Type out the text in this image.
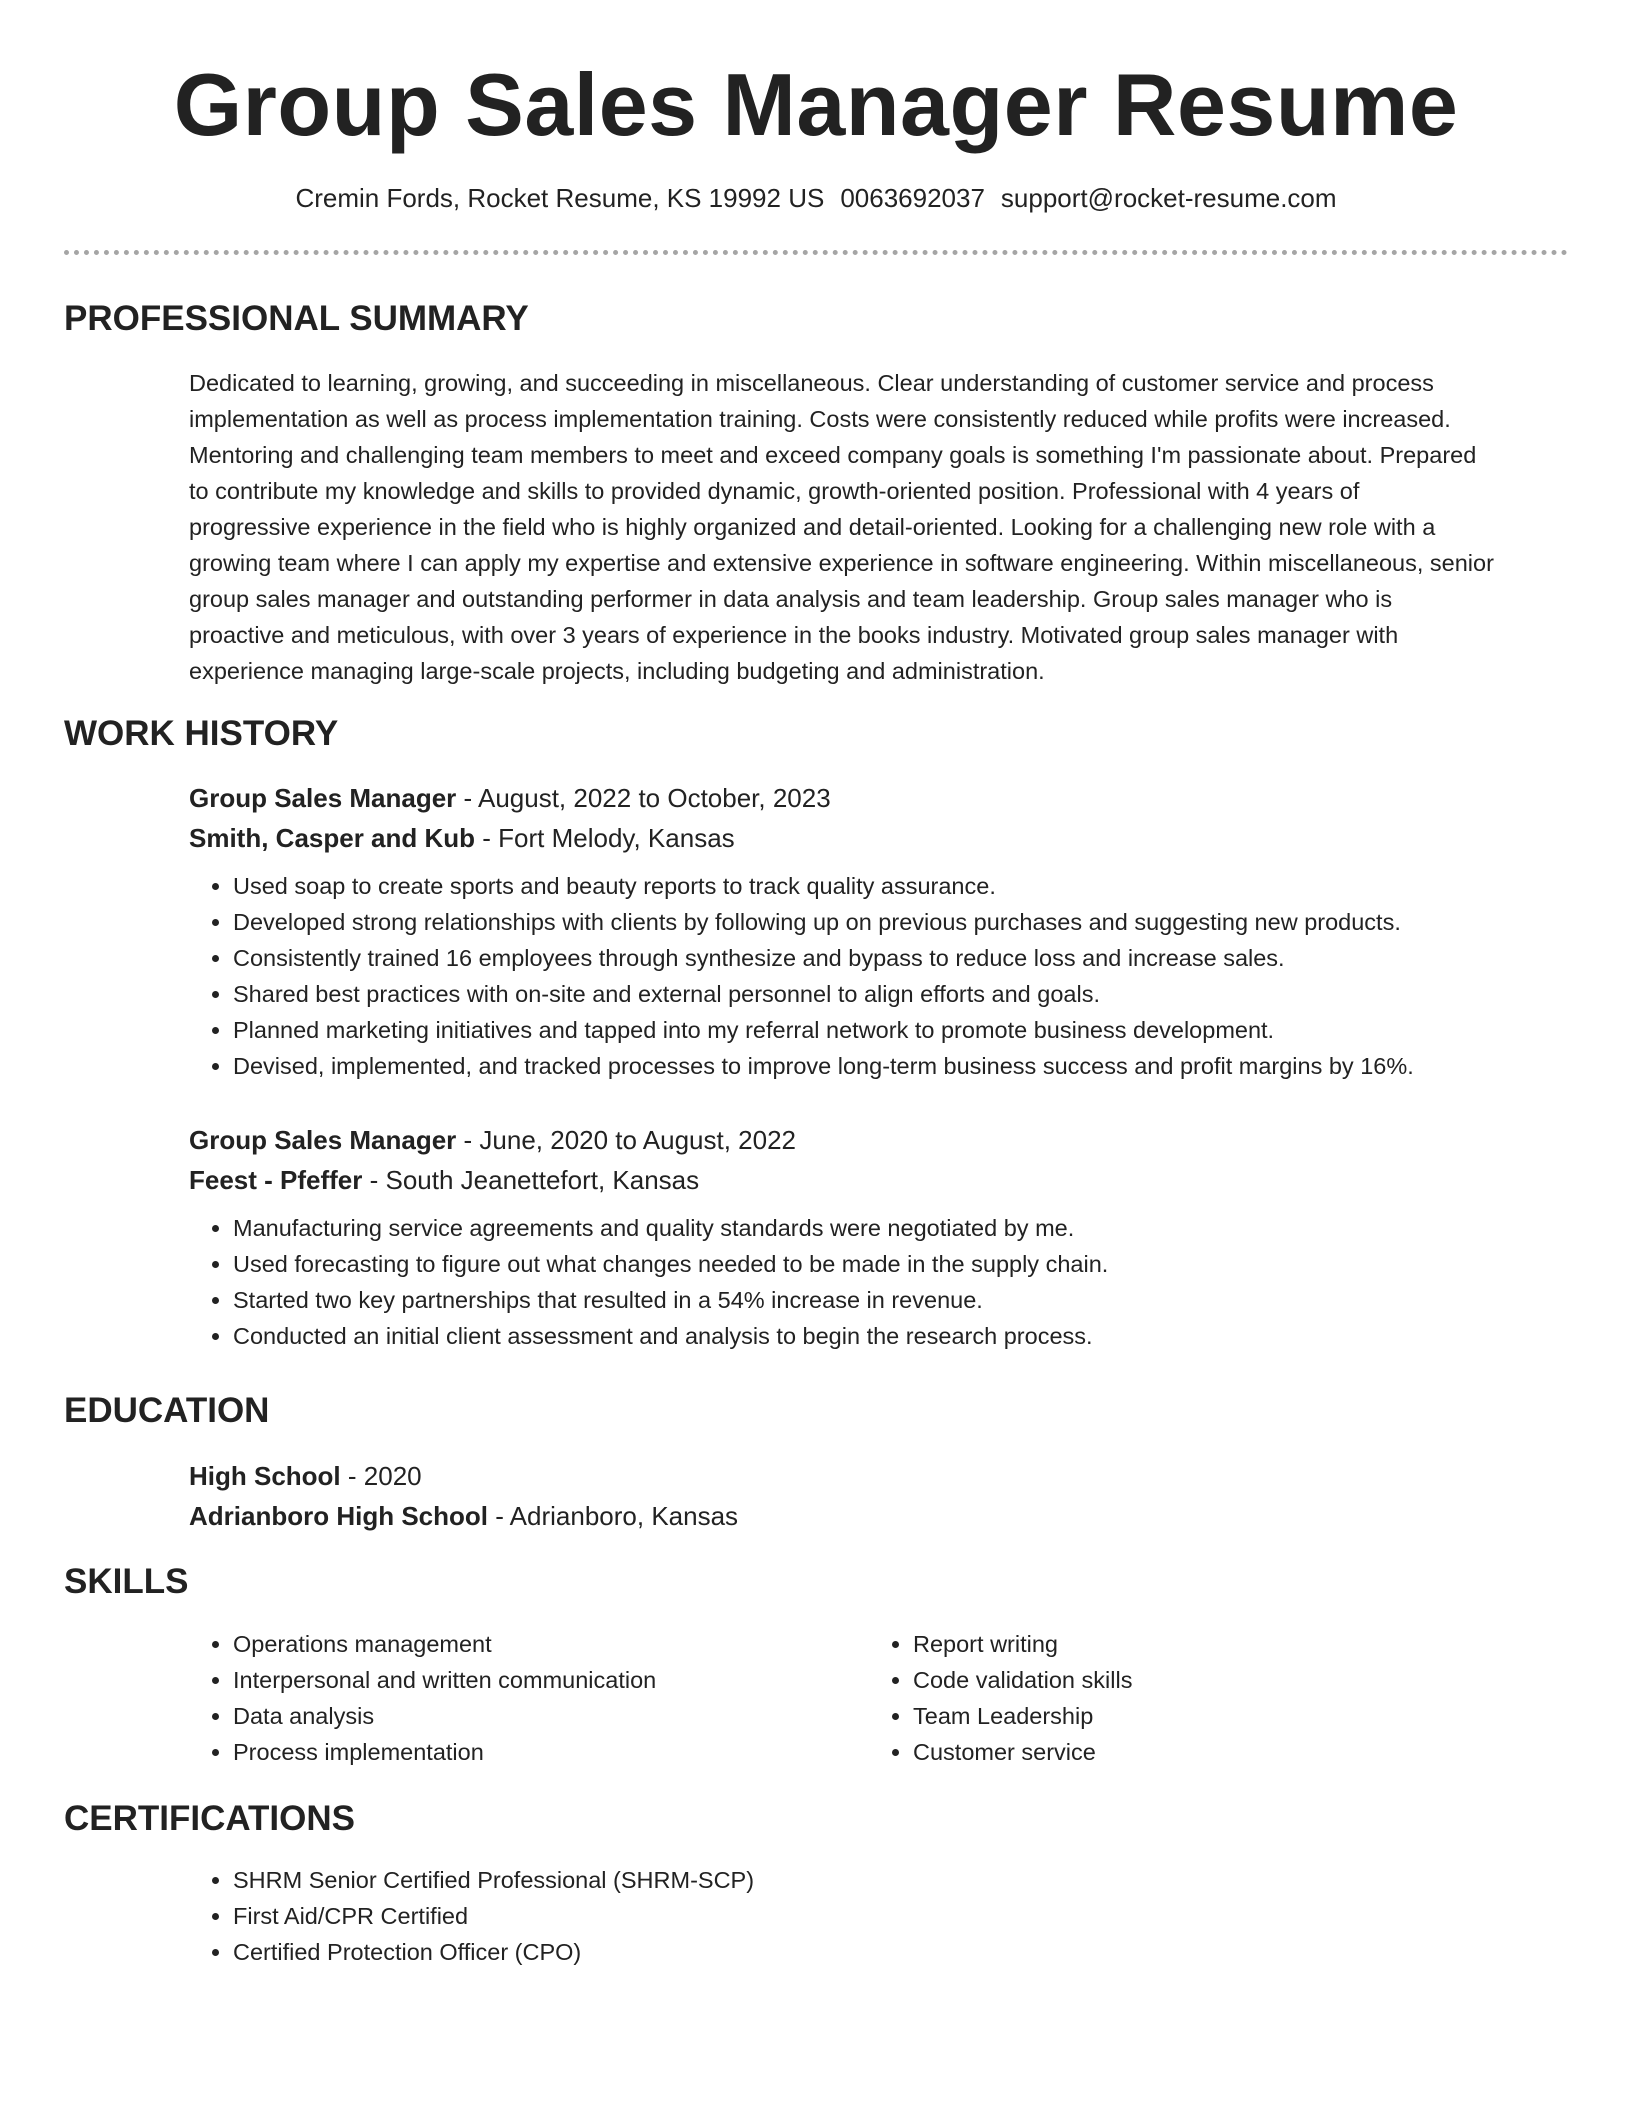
Group Sales Manager Resume
Cremin Fords, Rocket Resume, KS 19992 US 0063692037 support@rocket-resume.com
PROFESSIONAL SUMMARY
Dedicated to learning, growing, and succeeding in miscellaneous. Clear understanding of customer service and process
implementation as well as process implementation training. Costs were consistently reduced while profits were increased.
Mentoring and challenging team members to meet and exceed company goals is something I'm passionate about. Prepared
to contribute my knowledge and skills to provided dynamic, growth-oriented position. Professional with 4 years of
progressive experience in the field who is highly organized and detail-oriented. Looking for a challenging new role with a
growing team where I can apply my expertise and extensive experience in software engineering. Within miscellaneous, senior
group sales manager and outstanding performer in data analysis and team leadership. Group sales manager who is
proactive and meticulous, with over 3 years of experience in the books industry. Motivated group sales manager with
experience managing large-scale projects, including budgeting and administration.
WORK HISTORY
Group Sales Manager - August, 2022 to October, 2023
Smith, Casper and Kub - Fort Melody, Kansas
• Used soap to create sports and beauty reports to track quality assurance.
• Developed strong relationships with clients by following up on previous purchases and suggesting new products.
• Consistently trained 16 employees through synthesize and bypass to reduce loss and increase sales.
• Shared best practices with on-site and external personnel to align efforts and goals.
• Planned marketing initiatives and tapped into my referral network to promote business development.
• Devised, implemented, and tracked processes to improve long-term business success and profit margins by 16%.
Group Sales Manager - June, 2020 to August, 2022
Feest - Pfeffer - South Jeanettefort, Kansas
• Manufacturing service agreements and quality standards were negotiated by me.
• Used forecasting to figure out what changes needed to be made in the supply chain.
• Started two key partnerships that resulted in a 54% increase in revenue.
• Conducted an initial client assessment and analysis to begin the research process.
EDUCATION
High School - 2020
Adrianboro High School - Adrianboro, Kansas
SKILLS
• Operations management
• Interpersonal and written communication
• Data analysis
• Process implementation
• Report writing
• Code validation skills
• Team Leadership
• Customer service
CERTIFICATIONS
• SHRM Senior Certified Professional (SHRM-SCP)
• First Aid/CPR Certified
• Certified Protection Officer (CPO)
